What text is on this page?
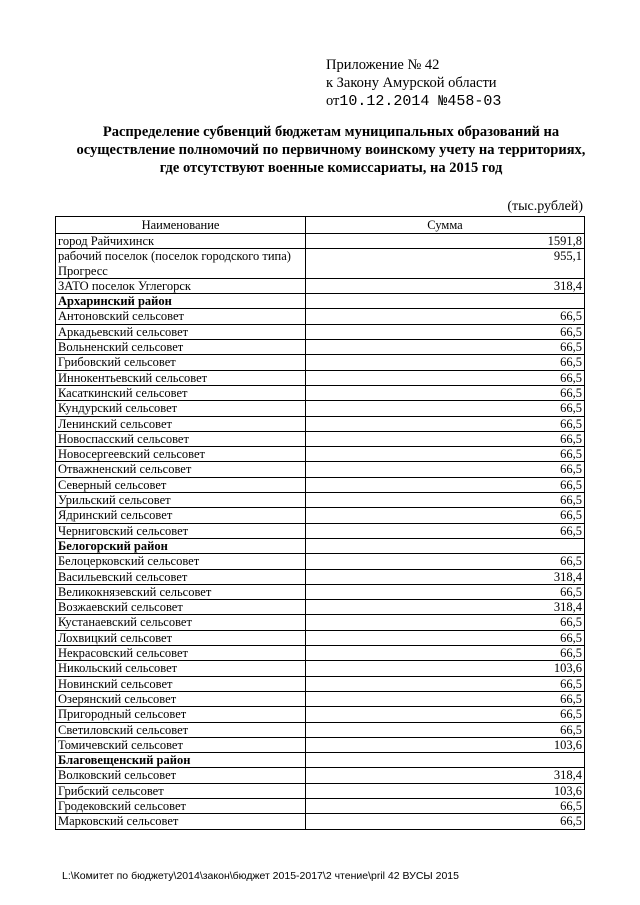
Приложение № 42
к Закону Амурской области
от10.12.2014 №458-03
Распределение субвенций бюджетам муниципальных образований на
осуществление полномочий по первичному воинскому учету на территориях,
где отсутствуют военные комиссариаты, на 2015 год
(тыс.рублей)
Наименование	Сумма
город Райчихинск	1591,8
рабочий поселок (поселок городского типа) Прогресс	955,1
ЗАТО поселок Углегорск	318,4
Архаринский район	
Антоновский сельсовет	66,5
Аркадьевский сельсовет	66,5
Вольненский сельсовет	66,5
Грибовский сельсовет	66,5
Иннокентьевский сельсовет	66,5
Касаткинский сельсовет	66,5
Кундурский сельсовет	66,5
Ленинский сельсовет	66,5
Новоспасский сельсовет	66,5
Новосергеевский сельсовет	66,5
Отважненский сельсовет	66,5
Северный сельсовет	66,5
Урильский сельсовет	66,5
Ядринский сельсовет	66,5
Черниговский сельсовет	66,5
Белогорский район	
Белоцерковский сельсовет	66,5
Васильевский сельсовет	318,4
Великокнязевский сельсовет	66,5
Возжаевский сельсовет	318,4
Кустанаевский сельсовет	66,5
Лохвицкий сельсовет	66,5
Некрасовский сельсовет	66,5
Никольский сельсовет	103,6
Новинский сельсовет	66,5
Озерянский сельсовет	66,5
Пригородный сельсовет	66,5
Светиловский сельсовет	66,5
Томичевский сельсовет	103,6
Благовещенский район	
Волковский сельсовет	318,4
Грибский сельсовет	103,6
Гродековский сельсовет	66,5
Марковский сельсовет	66,5
L:\Комитет по бюджету\2014\закон\бюджет 2015-2017\2 чтение\pril 42 ВУСЫ 2015
